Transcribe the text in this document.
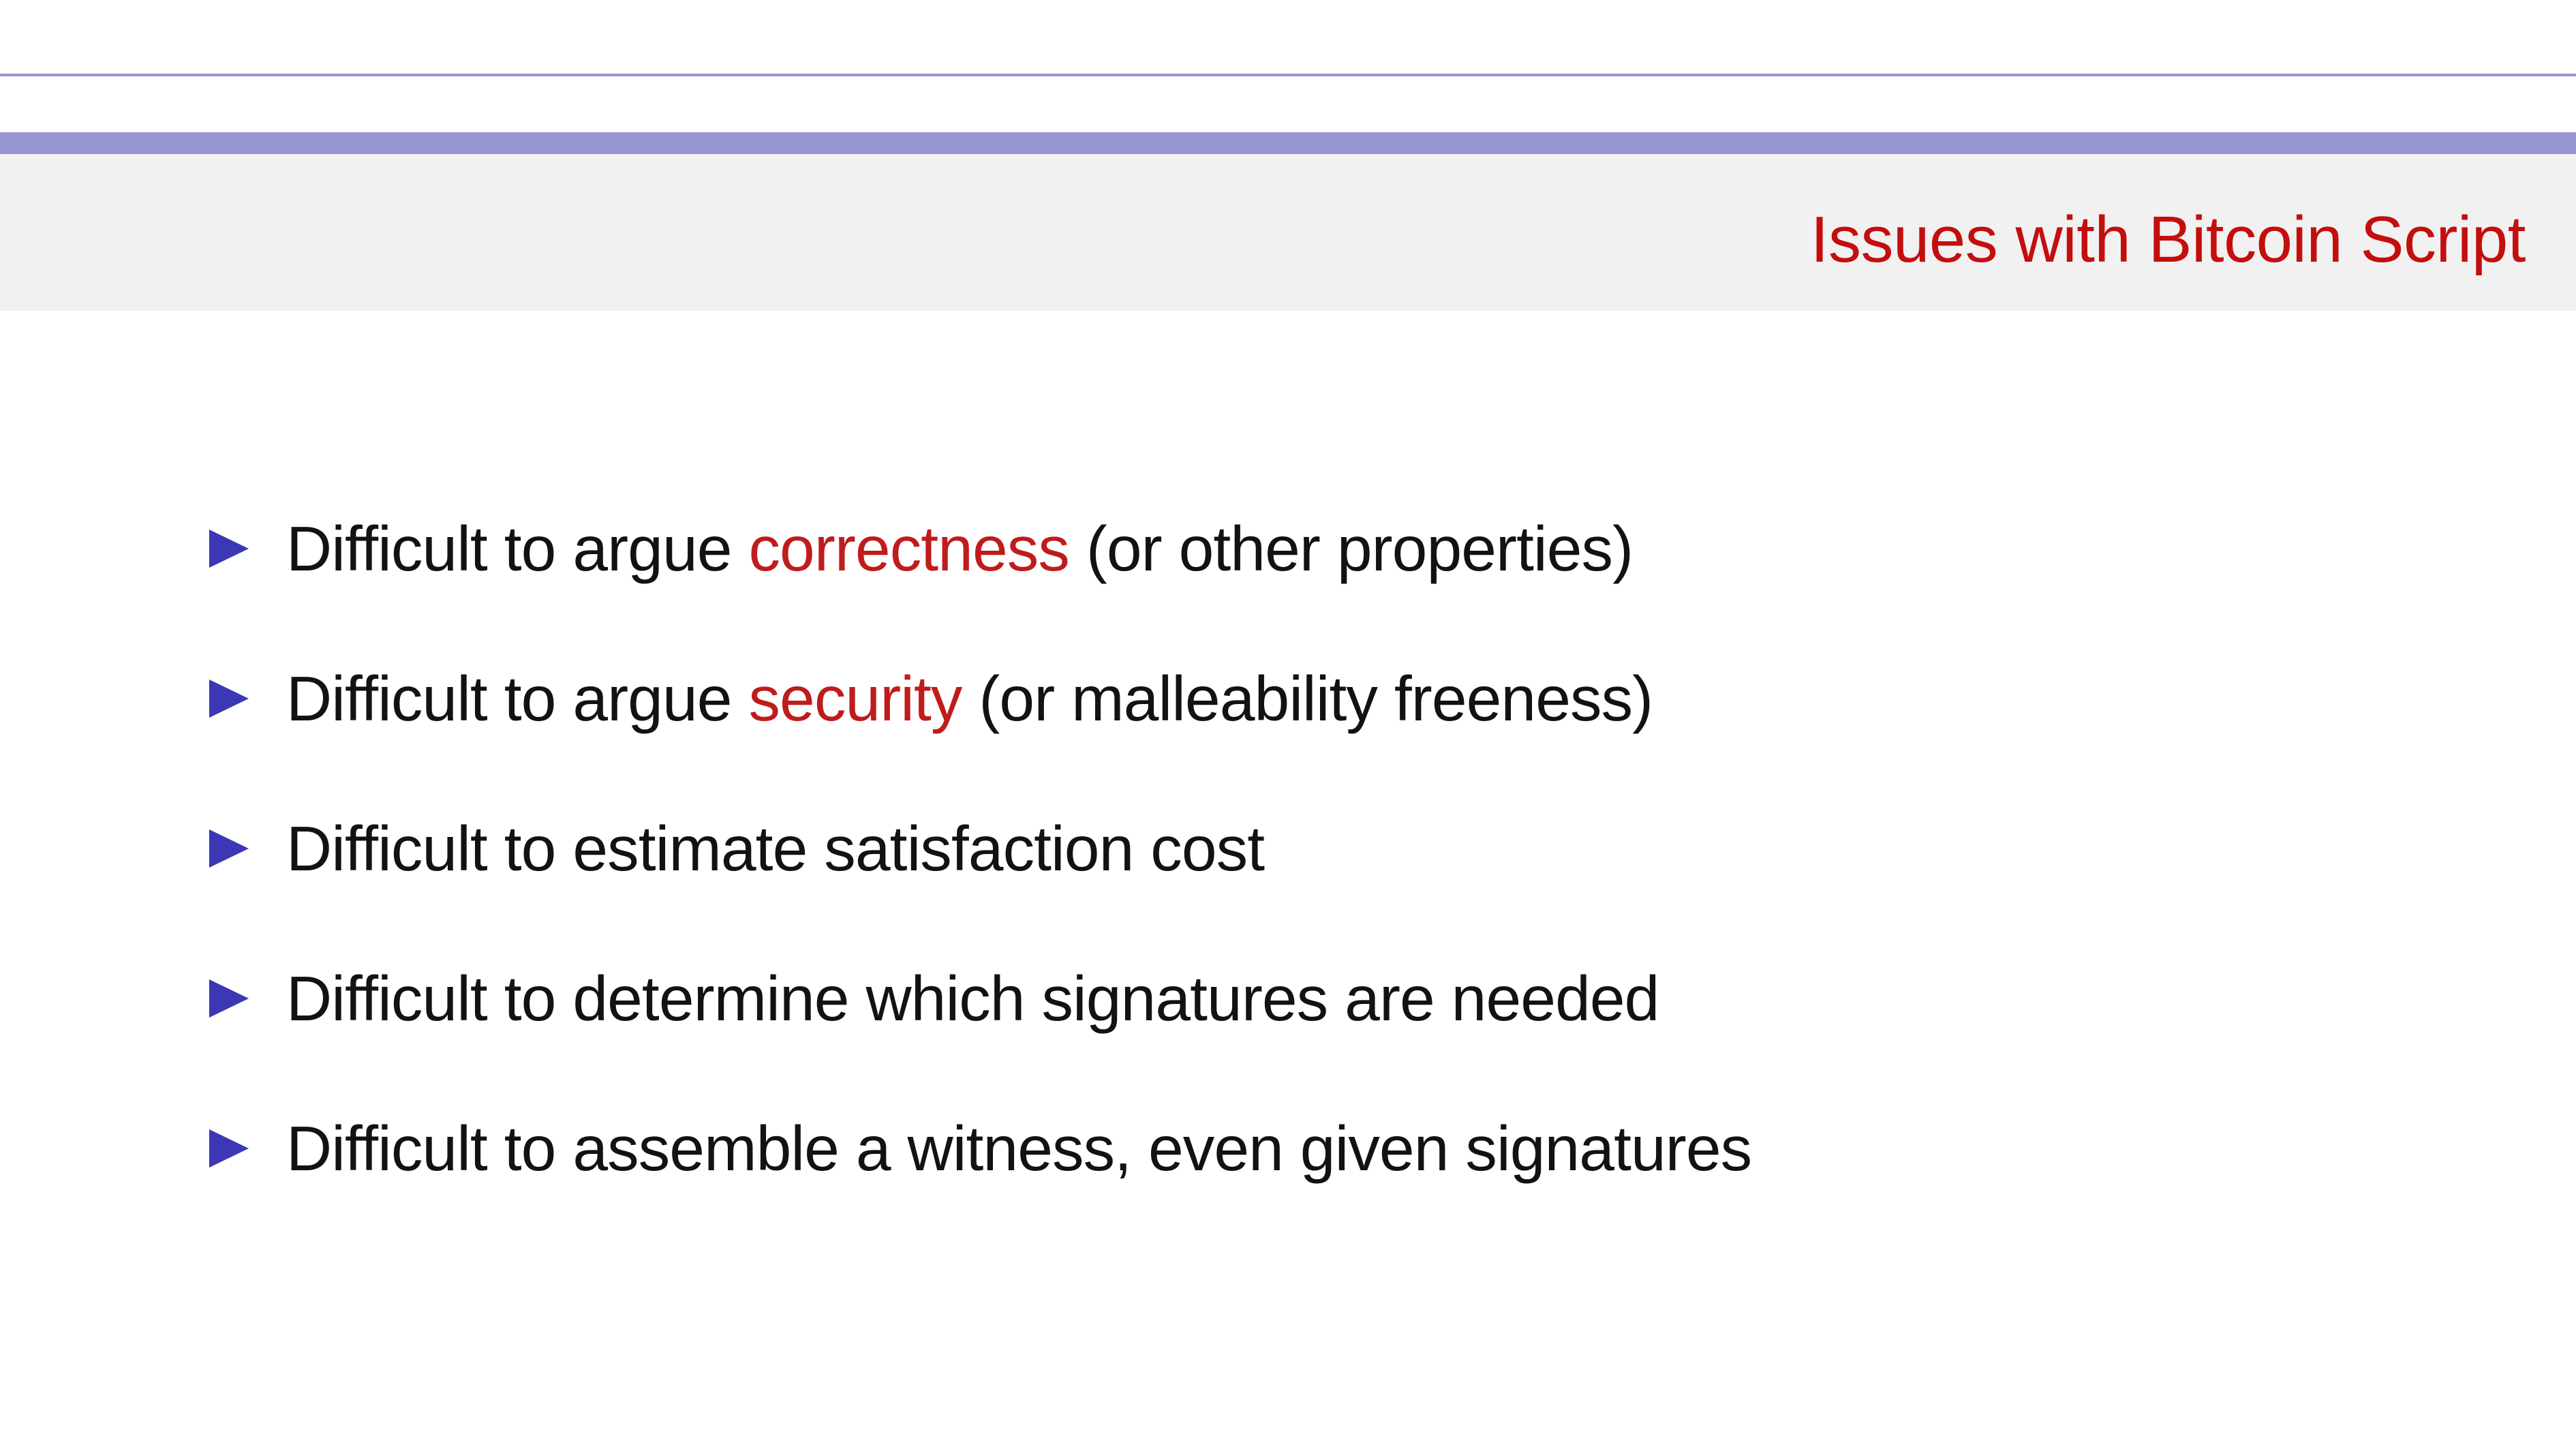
Issues with Bitcoin Script
Difficult to argue correctness (or other properties)
Difficult to argue security (or malleability freeness)
Difficult to estimate satisfaction cost
Difficult to determine which signatures are needed
Difficult to assemble a witness, even given signatures
